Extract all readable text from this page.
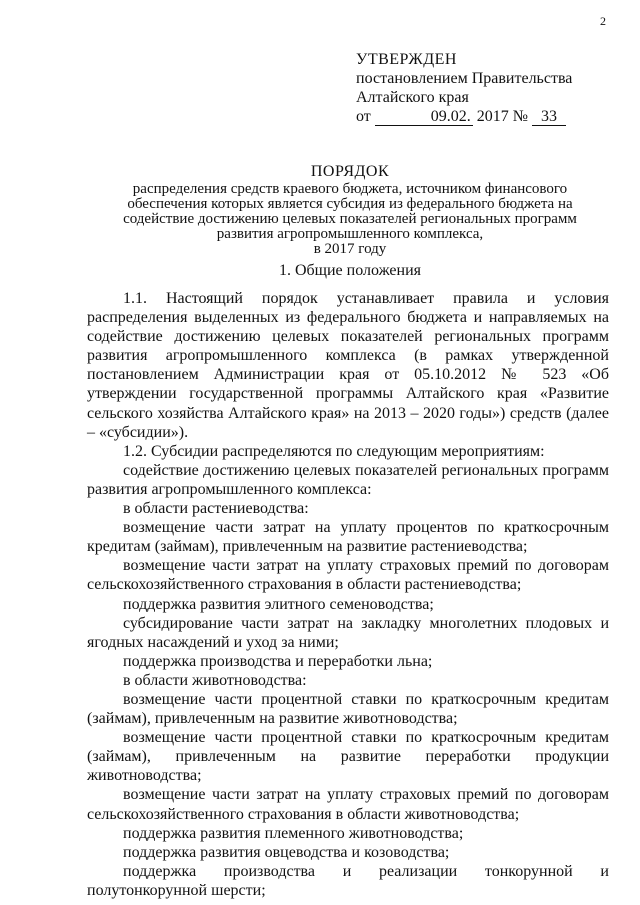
2
УТВЕРЖДЕН
постановлением Правительства
Алтайского края
от	09.02. 2017 № 33
ПОРЯДОК
распределения средств краевого бюджета, источником финансового
обеспечения которых является субсидия из федерального бюджета на
содействие достижению целевых показателей региональных программ
развития агропромышленного комплекса,
в 2017 году
1. Общие положения

1.1. Настоящий порядок устанавливает правила и условия распределения выделенных из федерального бюджета и направляемых на содействие достижению целевых показателей региональных программ развития агропромышленного комплекса (в рамках утвержденной постановлением Администрации края от 05.10.2012 № 523 «Об утверждении государственной программы Алтайского края «Развитие сельского хозяйства Алтайского края» на 2013 – 2020 годы») средств (далее – «субсидии»).

1.2. Субсидии распределяются по следующим мероприятиям:

содействие достижению целевых показателей региональных программ развития агропромышленного комплекса:

в области растениеводства:

возмещение части затрат на уплату процентов по краткосрочным кредитам (займам), привлеченным на развитие растениеводства;

возмещение части затрат на уплату страховых премий по договорам сельскохозяйственного страхования в области растениеводства;

поддержка развития элитного семеноводства;

субсидирование части затрат на закладку многолетних плодовых и ягодных насаждений и уход за ними;

поддержка производства и переработки льна;

в области животноводства:

возмещение части процентной ставки по краткосрочным кредитам (займам), привлеченным на развитие животноводства;

возмещение части процентной ставки по краткосрочным кредитам (займам), привлеченным на развитие переработки продукции животноводства;

возмещение части затрат на уплату страховых премий по договорам сельскохозяйственного страхования в области животноводства;

поддержка развития племенного животноводства;

поддержка развития овцеводства и козоводства;

поддержка производства и реализации тонкорунной и полутонкорунной шерсти;
